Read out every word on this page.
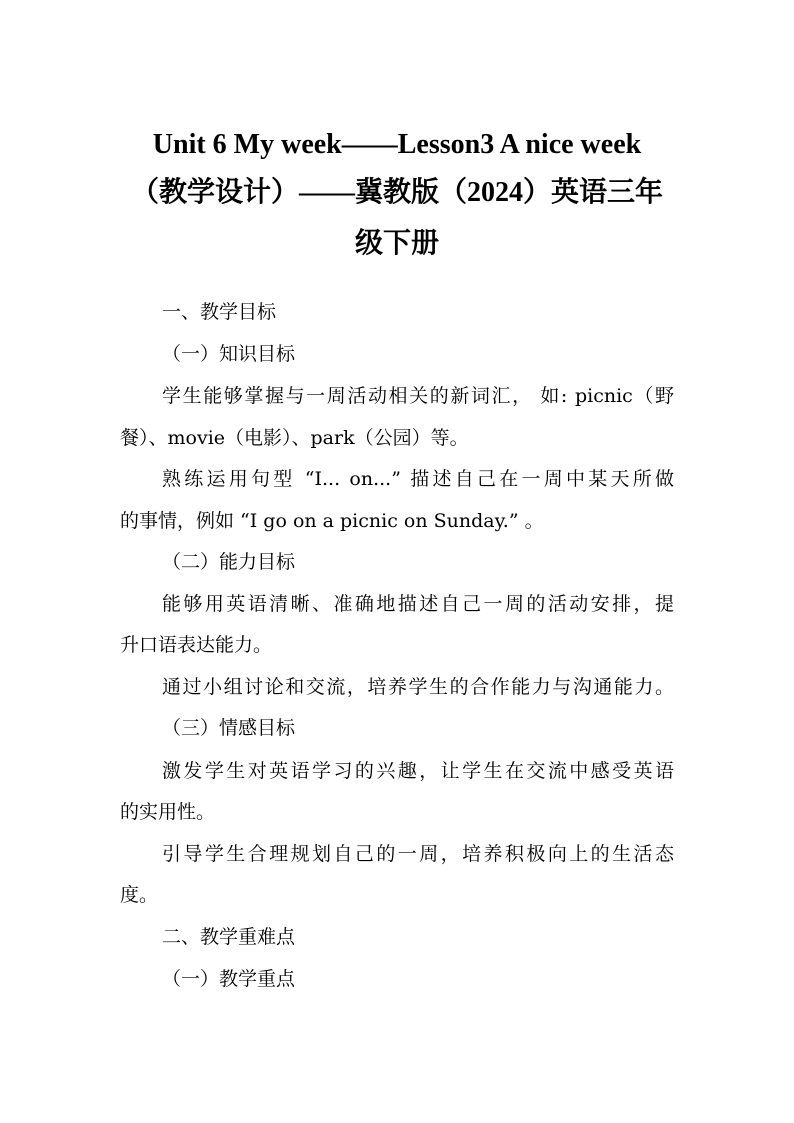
Unit 6 My week——Lesson3 A nice week
（教学设计）——冀教版（2024）英语三年
级下册
一、教学目标
（一）知识目标
学生能够掌握与一周活动相关的新词汇， 如: picnic（野
餐）、movie（电影）、park（公园）等。
熟练运用句型 “I... on...” 描述自己在一周中某天所做
的事情，例如 “I go on a picnic on Sunday.” 。
（二）能力目标
能够用英语清晰、准确地描述自己一周的活动安排，提
升口语表达能力。
通过小组讨论和交流，培养学生的合作能力与沟通能力。
（三）情感目标
激发学生对英语学习的兴趣，让学生在交流中感受英语
的实用性。
引导学生合理规划自己的一周，培养积极向上的生活态
度。
二、教学重难点
（一）教学重点
